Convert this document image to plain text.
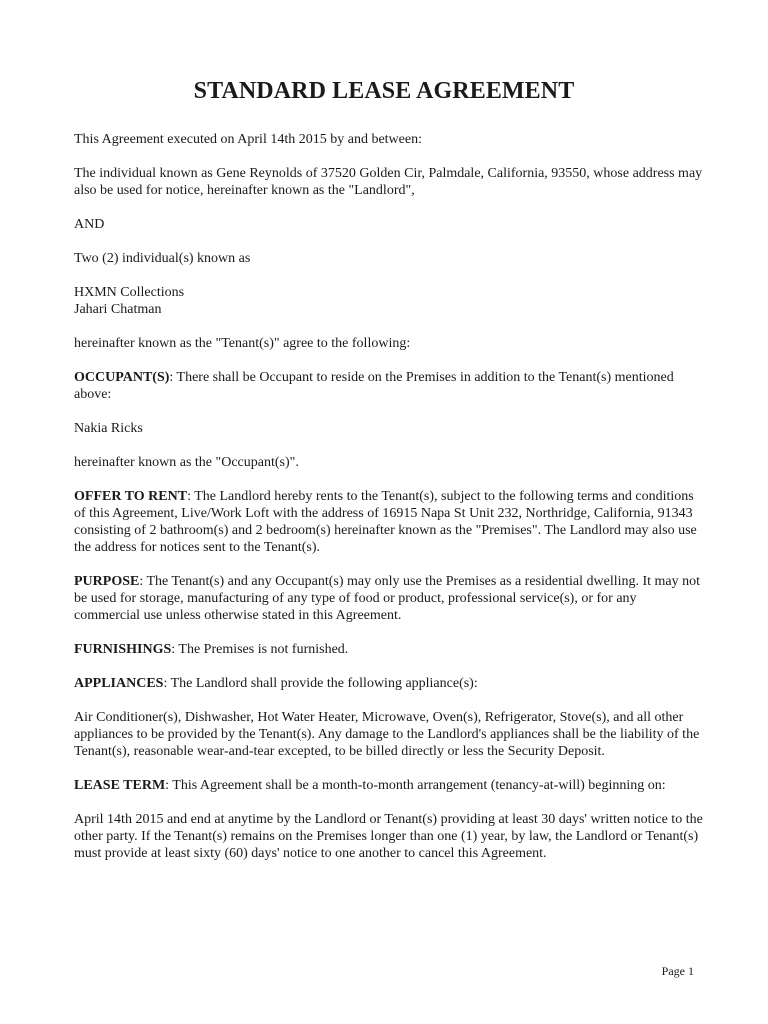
STANDARD LEASE AGREEMENT

This Agreement executed on April 14th 2015 by and between:

The individual known as Gene Reynolds of 37520 Golden Cir, Palmdale, California, 93550, whose address may also be used for notice, hereinafter known as the "Landlord",

AND

Two (2) individual(s) known as

HXMN Collections

Jahari Chatman

hereinafter known as the "Tenant(s)" agree to the following:

OCCUPANT(S): There shall be Occupant to reside on the Premises in addition to the Tenant(s) mentioned above:

Nakia Ricks

hereinafter known as the "Occupant(s)".

OFFER TO RENT: The Landlord hereby rents to the Tenant(s), subject to the following terms and conditions of this Agreement, Live/Work Loft with the address of 16915 Napa St Unit 232, Northridge, California, 91343 consisting of 2 bathroom(s) and 2 bedroom(s) hereinafter known as the "Premises". The Landlord may also use the address for notices sent to the Tenant(s).

PURPOSE: The Tenant(s) and any Occupant(s) may only use the Premises as a residential dwelling. It may not be used for storage, manufacturing of any type of food or product, professional service(s), or for any commercial use unless otherwise stated in this Agreement.

FURNISHINGS: The Premises is not furnished.

APPLIANCES: The Landlord shall provide the following appliance(s):

Air Conditioner(s), Dishwasher, Hot Water Heater, Microwave, Oven(s), Refrigerator, Stove(s), and all other appliances to be provided by the Tenant(s). Any damage to the Landlord's appliances shall be the liability of the Tenant(s), reasonable wear-and-tear excepted, to be billed directly or less the Security Deposit.

LEASE TERM: This Agreement shall be a month-to-month arrangement (tenancy-at-will) beginning on:

April 14th 2015 and end at anytime by the Landlord or Tenant(s) providing at least 30 days' written notice to the other party. If the Tenant(s) remains on the Premises longer than one (1) year, by law, the Landlord or Tenant(s) must provide at least sixty (60) days' notice to one another to cancel this Agreement.

Page 1
